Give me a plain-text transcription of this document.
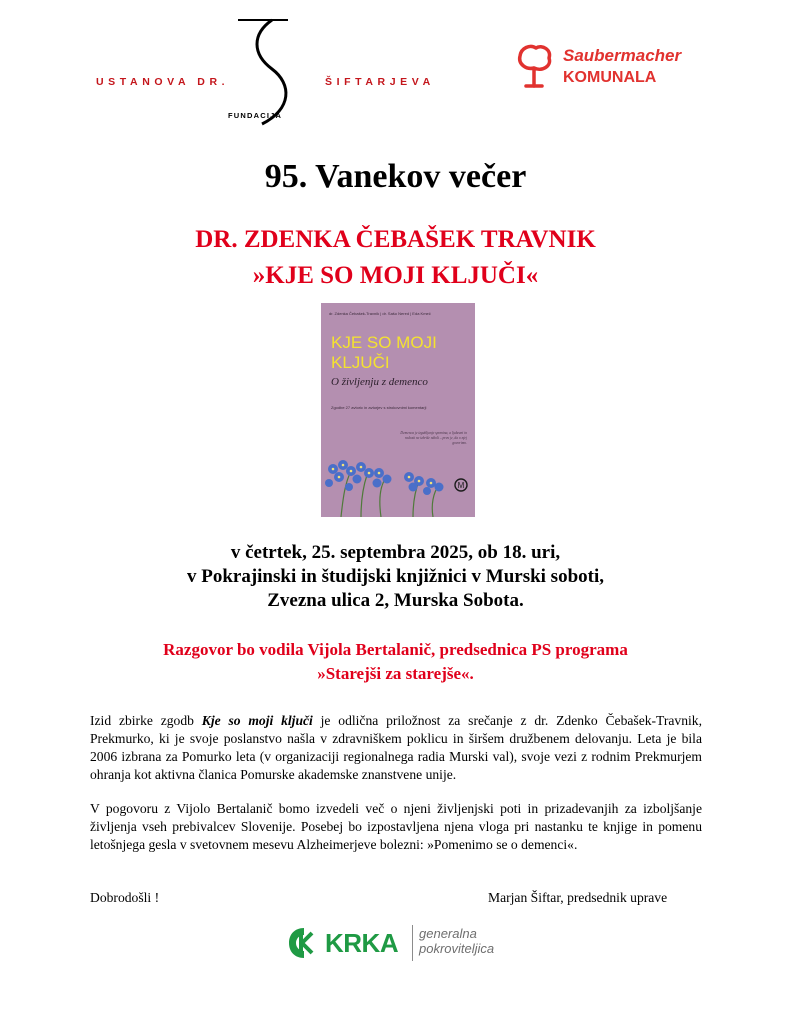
USTANOVA DR.	ŠIFTARJEVA
FUNDACIJA
Saubermacher
KOMUNALA
95. Vanekov večer
DR. ZDENKA ČEBAŠEK TRAVNIK
»KJE SO MOJI KLJUČI«
dr. Zdenka Čebašek-Travnik | dr. Sašo Nered | Eda Kmeč
KJE SO MOJI
KLJUČI
O življenju z demenco
Zgodbe 27 avtoric in avtorjev s strokovnimi komentarji
Demenca je izgubljanje spomina, a ljubezni in radosti ne izbriše nikoli – prav je, da o njej govorimo.
M
v četrtek, 25. septembra 2025, ob 18. uri,
v Pokrajinski in študijski knjižnici v Murski soboti,
Zvezna ulica 2, Murska Sobota.
Razgovor bo vodila Vijola Bertalanič, predsednica PS programa
»Starejši za starejše«.
Izid zbirke zgodb Kje so moji ključi je odlična priložnost za srečanje z dr. Zdenko Čebašek-Travnik, Prekmurko, ki je svoje poslanstvo našla v zdravniškem poklicu in širšem družbenem delovanju. Leta je bila 2006 izbrana za Pomurko leta (v organizaciji regionalnega radia Murski val), svoje vezi z rodnim Prekmurjem ohranja kot aktivna članica Pomurske akademske znanstvene unije.
V pogovoru z Vijolo Bertalanič bomo izvedeli več o njeni življenjski poti in prizadevanjih za izboljšanje življenja vseh prebivalcev Slovenije. Posebej bo izpostavljena njena vloga pri nastanku te knjige in pomenu letošnjega gesla v svetovnem mesevu Alzheimerjeve bolezni: »Pomenimo se o demenci«.
Dobrodošli !	Marjan Šiftar, predsednik uprave
KRKA generalna
pokroviteljica
